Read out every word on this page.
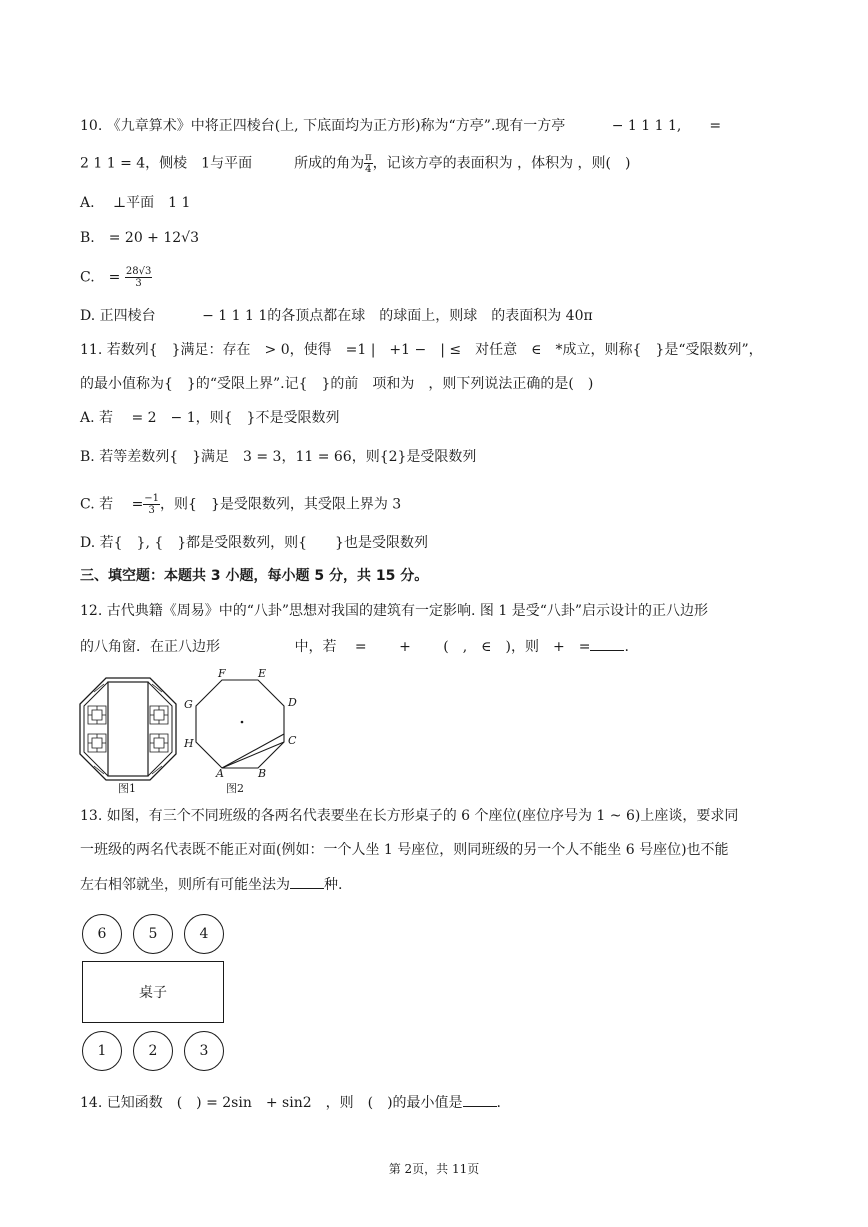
10. 《九章算术》中将正四棱台(上, 下底面均为正方形)称为“方亭”.现有一方亭　　　 − 1 1 1 1,　　=
2 1 1 = 4，侧棱　1与平面　　　所成的角为 $\frac{\pi}{4}$ ，记该方亭的表面积为 ，体积为 ，则(　)
A.　 ⊥平面　1 1
B.　= 20 + 12√3
C.　= $\frac{28√3}{3}$
D. 正四棱台　　　 − 1 1 1 1的各顶点都在球　的球面上，则球　的表面积为 40π
11. 若数列{　}满足：存在　> 0，使得　=1 |　+1 −　| ≤　对任意　∈　*成立，则称{　}是“受限数列”，
的最小值称为{　}的“受限上界”.记{　}的前　项和为　，则下列说法正确的是(　)
A. 若　 = 2　− 1，则{　}不是受限数列
B. 若等差数列{　}满足　3 = 3，11 = 66，则{2}是受限数列
C. 若　 = $\frac{-1}{3}$ ，则{　}是受限数列，其受限上界为 3
D. 若{　}, {　}都是受限数列，则{　　}也是受限数列
三、填空题：本题共 3 小题，每小题 5 分，共 15 分。
12. 古代典籍《周易》中的“八卦”思想对我国的建筑有一定影响. 图 1 是受“八卦”启示设计的正八边形
的八角窗．在正八边形　　　　　 中，若　 =　　 +　　 (　,　∈　)，则　+　= .
图1
A	B
C
D
E
F
G
H
图2
13. 如图，有三个不同班级的各两名代表要坐在长方形桌子的 6 个座位(座位序号为 1 ~ 6)上座谈，要求同
一班级的两名代表既不能正对面(例如：一个人坐 1 号座位，则同班级的另一个人不能坐 6 号座位)也不能
左右相邻就坐，则所有可能坐法为 种.
6	5	4
桌子
1	2	3
14. 已知函数　(　) = 2sin　+ sin2　，则　(　)的最小值是 .
第 2页，共 11页
